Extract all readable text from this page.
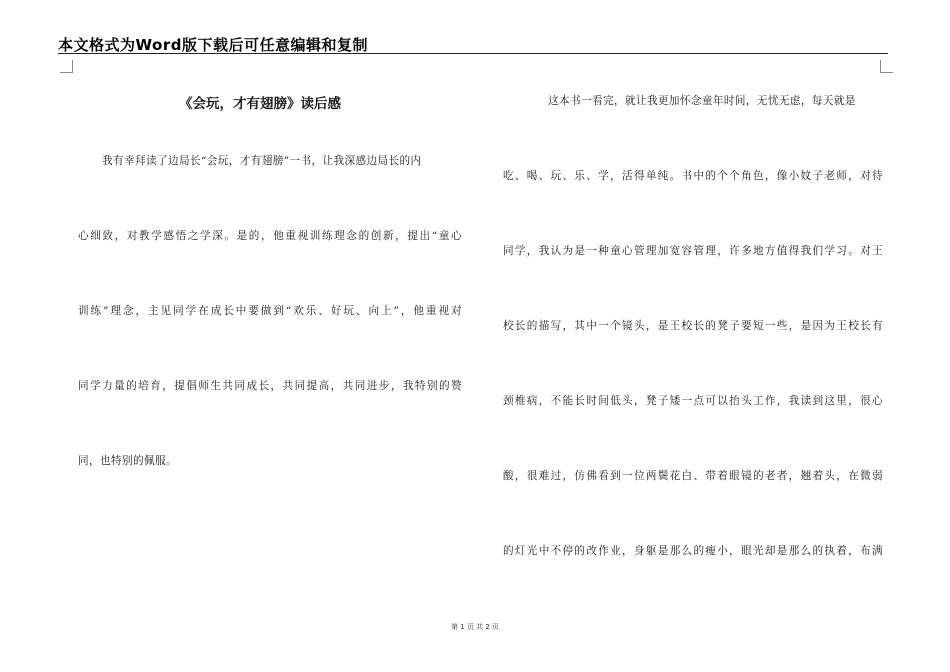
本文格式为Word版下载后可任意编辑和复制
《会玩，才有翅膀》读后感
我有幸拜读了边局长“会玩，才有翅膀”一书，让我深感边局长的内
心细致，对教学感悟之学深。是的，他重视训练理念的创新，提出“童心
训练”理念，主见同学在成长中要做到“欢乐、好玩、向上”，他重视对
同学力量的培育，提倡师生共同成长，共同提高，共同进步，我特别的赞
同，也特别的佩服。
这本书一看完，就让我更加怀念童年时间，无忧无虑，每天就是
吃、喝、玩、乐、学，活得单纯。书中的个个角色，像小妏子老师，对待
同学，我认为是一种童心管理加宽容管理，许多地方值得我们学习。对王
校长的描写，其中一个镜头，是王校长的凳子要短一些，是因为王校长有
颈椎病，不能长时间低头，凳子矮一点可以抬头工作，我读到这里，很心
酸，很难过，仿佛看到一位两鬓花白、带着眼镜的老者，翘着头，在微弱
的灯光中不停的改作业，身躯是那么的瘦小，眼光却是那么的执着，布满
第 1 页 共 2 页
